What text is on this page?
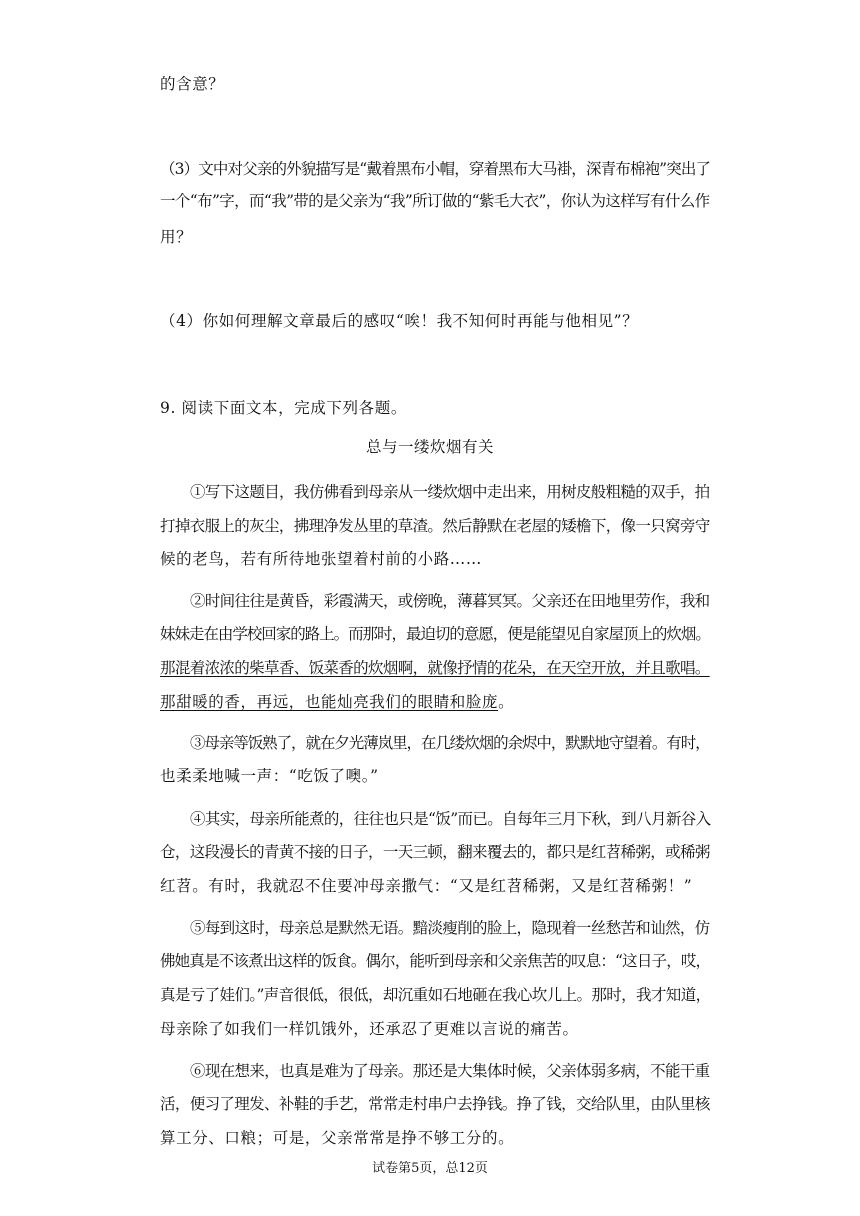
的含意？
（3）文中对父亲的外貌描写是“戴着黑布小帽，穿着黑布大马褂，深青布棉袍”突出了
一个“布”字，而“我”带的是父亲为“我”所订做的“紫毛大衣”，你认为这样写有什么作
用？
（4）你如何理解文章最后的感叹“唉！我不知何时再能与他相见”？
9. 阅读下面文本，完成下列各题。
总与一缕炊烟有关
①写下这题目，我仿佛看到母亲从一缕炊烟中走出来，用树皮般粗糙的双手，拍
打掉衣服上的灰尘，拂理净发丛里的草渣。然后静默在老屋的矮檐下，像一只窝旁守
候的老鸟，若有所待地张望着村前的小路……
②时间往往是黄昏，彩霞满天，或傍晚，薄暮冥冥。父亲还在田地里劳作，我和
妹妹走在由学校回家的路上。而那时，最迫切的意愿，便是能望见自家屋顶上的炊烟。
那混着浓浓的柴草香、饭菜香的炊烟啊，就像抒情的花朵，在天空开放，并且歌唱。
那甜暖的香，再远，也能灿亮我们的眼睛和脸庞。
③母亲等饭熟了，就在夕光薄岚里，在几缕炊烟的余烬中，默默地守望着。有时，
也柔柔地喊一声：“吃饭了噢。”
④其实，母亲所能煮的，往往也只是“饭”而已。自每年三月下秋，到八月新谷入
仓，这段漫长的青黄不接的日子，一天三顿，翻来覆去的，都只是红苕稀粥，或稀粥
红苕。有时，我就忍不住要冲母亲撒气：“又是红苕稀粥，又是红苕稀粥！”
⑤每到这时，母亲总是默然无语。黯淡瘦削的脸上，隐现着一丝愁苦和讪然，仿
佛她真是不该煮出这样的饭食。偶尔，能听到母亲和父亲焦苦的叹息：“这日子，哎，
真是亏了娃们。”声音很低，很低，却沉重如石地砸在我心坎儿上。那时，我才知道，
母亲除了如我们一样饥饿外，还承忍了更难以言说的痛苦。
⑥现在想来，也真是难为了母亲。那还是大集体时候，父亲体弱多病，不能干重
活，便习了理发、补鞋的手艺，常常走村串户去挣钱。挣了钱，交给队里，由队里核
算工分、口粮；可是，父亲常常是挣不够工分的。
试卷第5页，总12页
